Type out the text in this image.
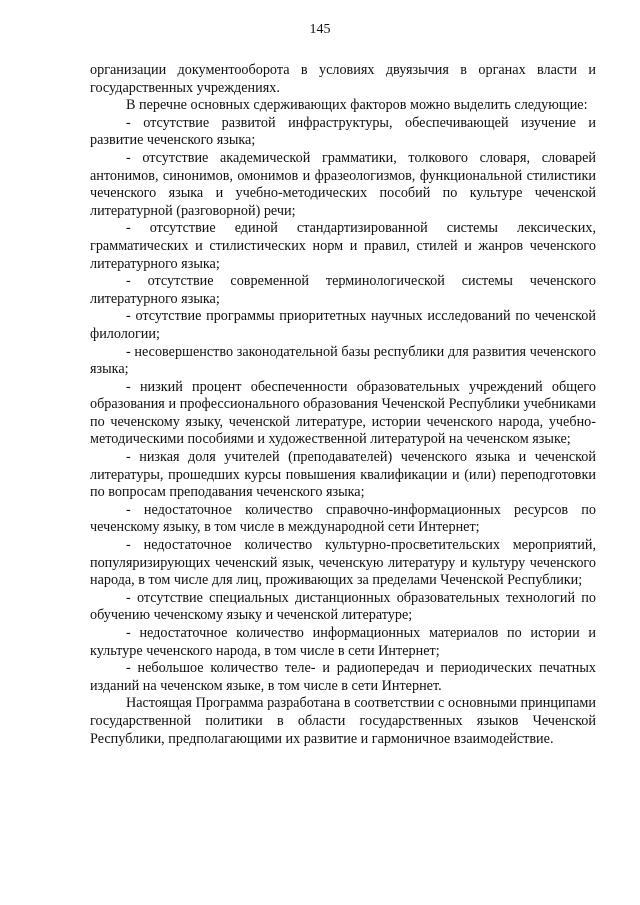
145

организации документооборота в условиях двуязычия в органах власти и государственных учреждениях.

В перечне основных сдерживающих факторов можно выделить следующие:

- отсутствие развитой инфраструктуры, обеспечивающей изучение и развитие чеченского языка;

- отсутствие академической грамматики, толкового словаря, словарей антонимов, синонимов, омонимов и фразеологизмов, функциональной стилистики чеченского языка и учебно-методических пособий по культуре чеченской литературной (разговорной) речи;

- отсутствие единой стандартизированной системы лексических, грамматических и стилистических норм и правил, стилей и жанров чеченского литературного языка;

- отсутствие современной терминологической системы чеченского литературного языка;

- отсутствие программы приоритетных научных исследований по чеченской филологии;

- несовершенство законодательной базы республики для развития чеченского языка;

- низкий процент обеспеченности образовательных учреждений общего образования и профессионального образования Чеченской Республики учебниками по чеченскому языку, чеченской литературе, истории чеченского народа, учебно-методическими пособиями и художественной литературой на чеченском языке;

- низкая доля учителей (преподавателей) чеченского языка и чеченской литературы, прошедших курсы повышения квалификации и (или) переподготовки по вопросам преподавания чеченского языка;

- недостаточное количество справочно-информационных ресурсов по чеченскому языку, в том числе в международной сети Интернет;

- недостаточное количество культурно-просветительских мероприятий, популяризирующих чеченский язык, чеченскую литературу и культуру чеченского народа, в том числе для лиц, проживающих за пределами Чеченской Республики;

- отсутствие специальных дистанционных образовательных технологий по обучению чеченскому языку и чеченской литературе;

- недостаточное количество информационных материалов по истории и культуре чеченского народа, в том числе в сети Интернет;

- небольшое количество теле- и радиопередач и периодических печатных изданий на чеченском языке, в том числе в сети Интернет.

Настоящая Программа разработана в соответствии с основными принципами государственной политики в области государственных языков Чеченской Республики, предполагающими их развитие и гармоничное взаимодействие.
